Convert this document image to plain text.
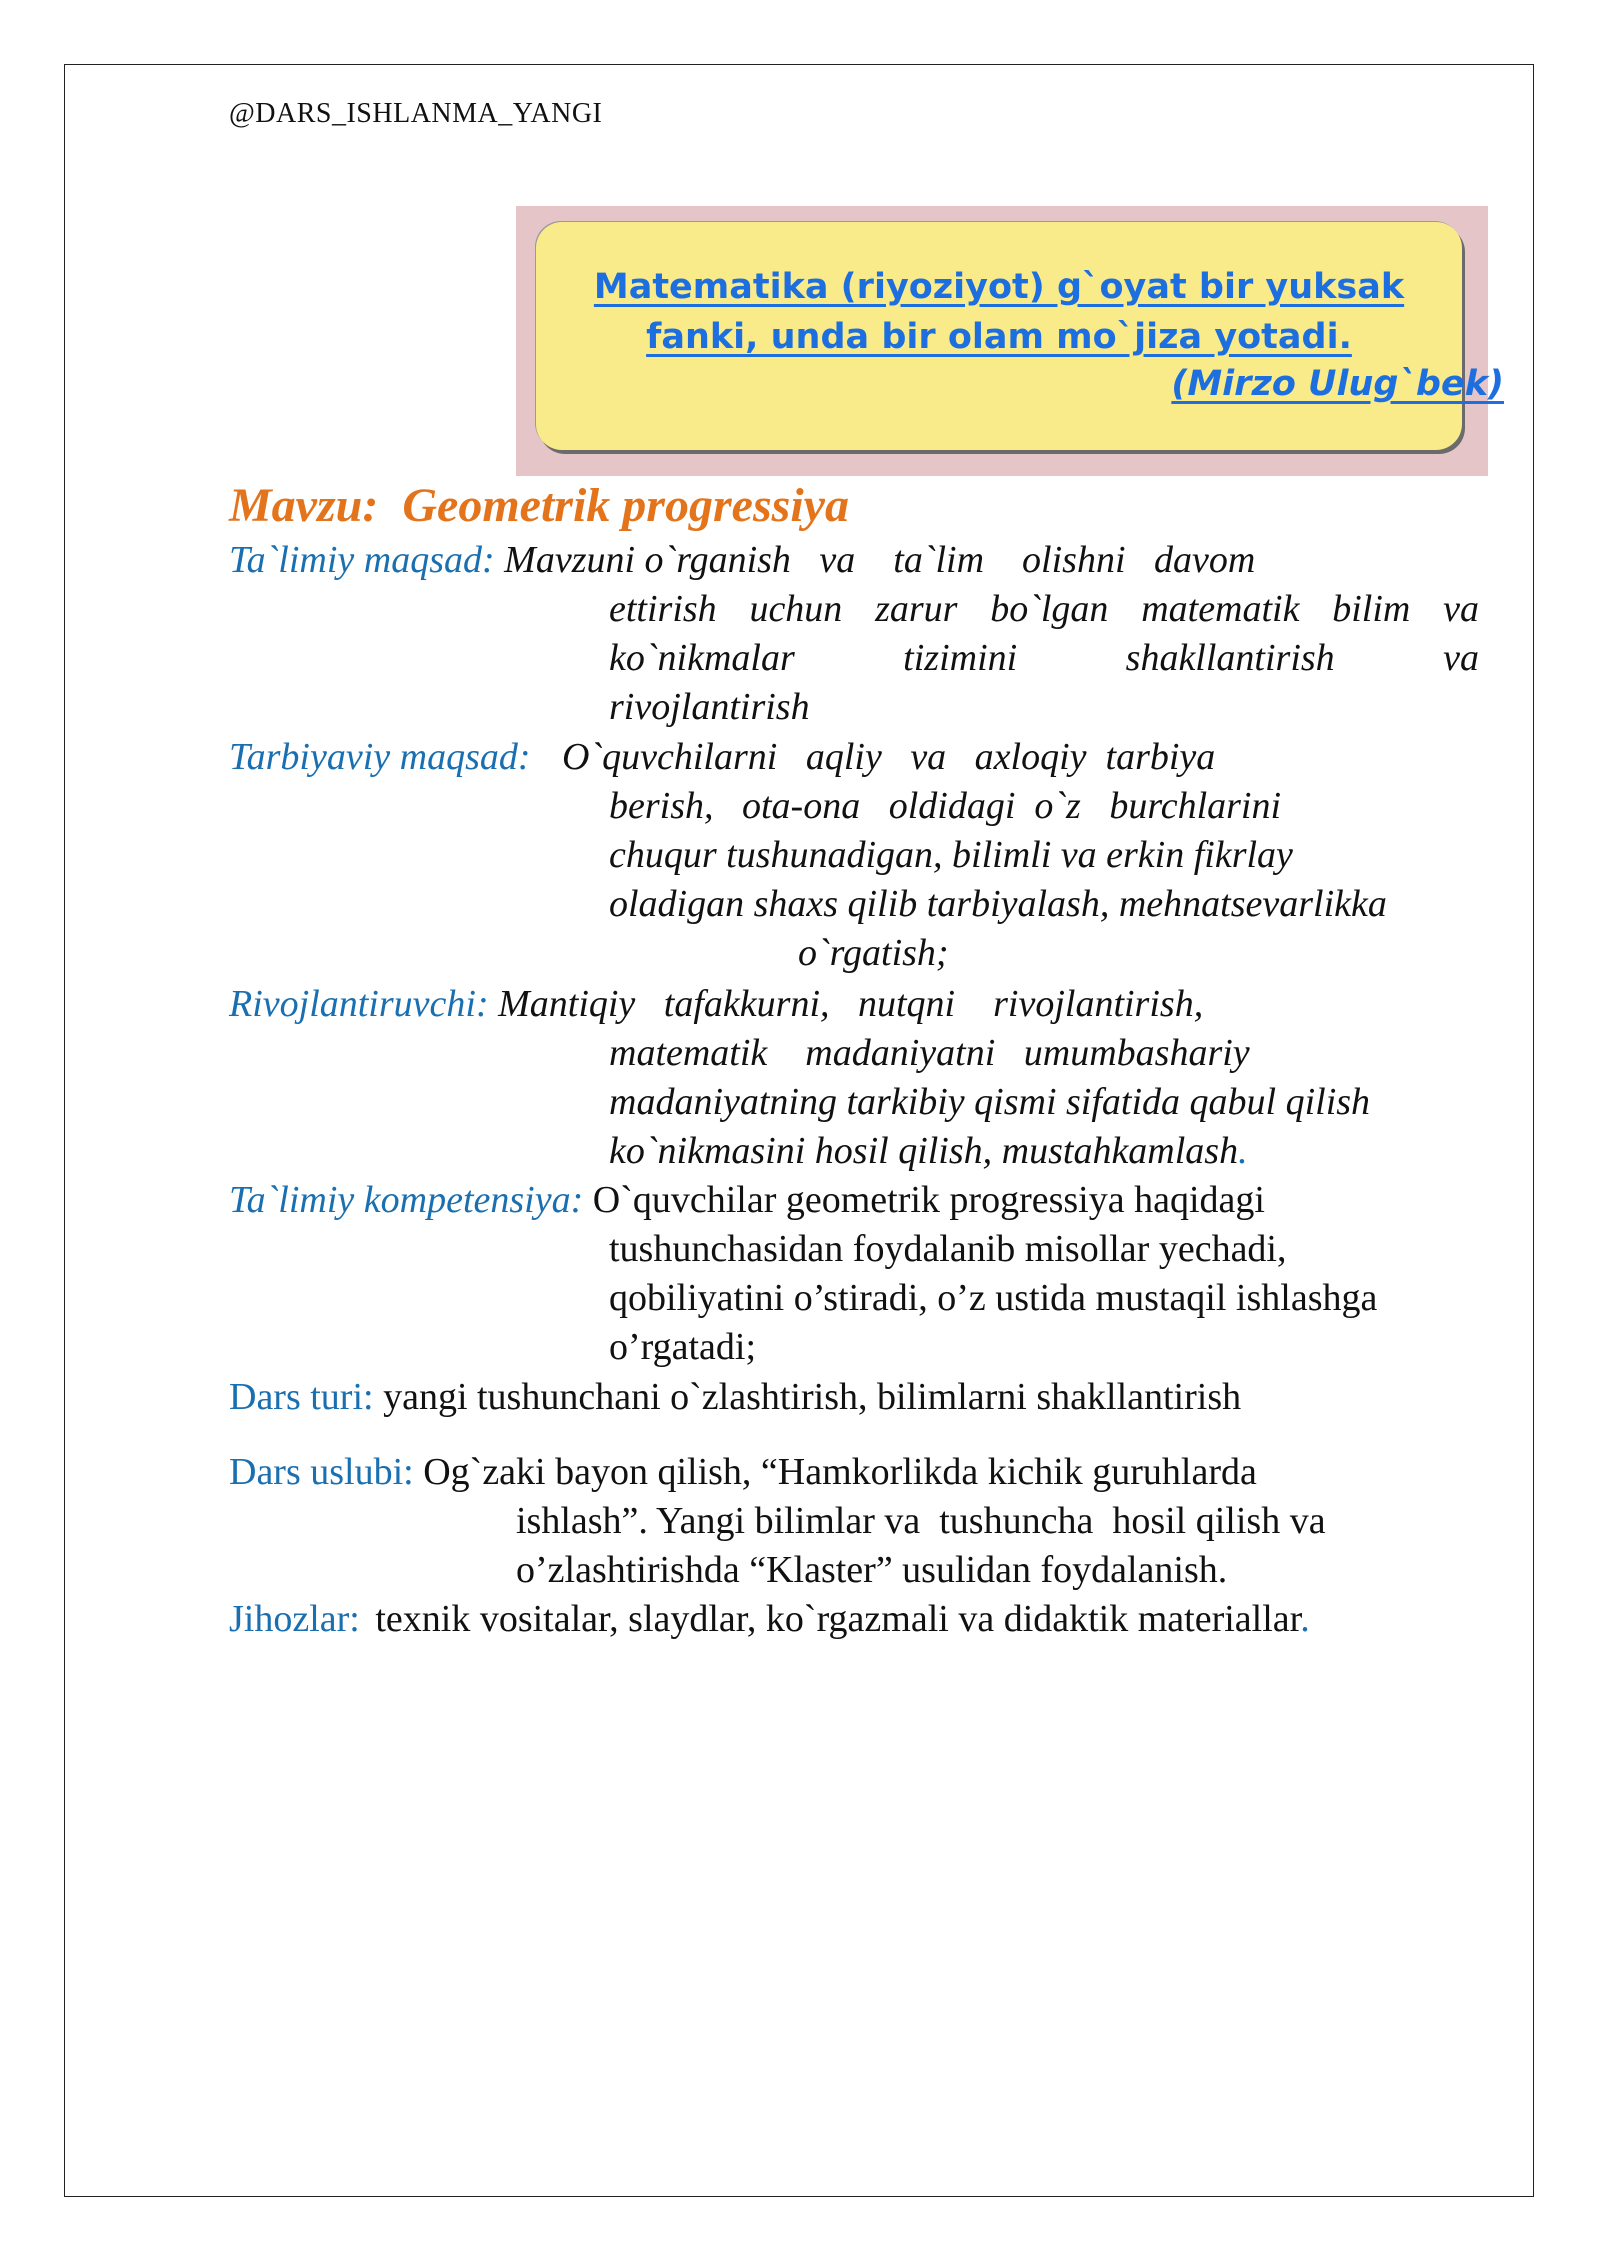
@DARS_ISHLANMA_YANGI
Matematika (riyoziyot) g`oyat bir yuksak
fanki, unda bir olam mo`jiza yotadi.
(Mirzo Ulug`bek)
Mavzu:  Geometrik progressiya
Ta`limiy maqsad: Mavzuni o`rganish   va    ta`lim    olishni   davom
ettirish uchun zarur bo`lgan matematik bilim va
ko`nikmalar tizimini shakllantirish va
rivojlantirish
Tarbiyaviy maqsad: O`quvchilarni   aqliy   va   axloqiy  tarbiya
berish,   ota-ona   oldidagi  o`z   burchlarini
chuqur tushunadigan, bilimli va erkin fikrlay
oladigan shaxs qilib tarbiyalash, mehnatsevarlikka
o`rgatish;
Rivojlantiruvchi: Mantiqiy   tafakkurni,   nutqni    rivojlantirish,
matematik    madaniyatni   umumbashariy
madaniyatning tarkibiy qismi sifatida qabul qilish
ko`nikmasini hosil qilish, mustahkamlash.
Ta`limiy kompetensiya: O`quvchilar geometrik progressiya haqidagi
tushunchasidan foydalanib misollar yechadi,
qobiliyatini o’stiradi, o’z ustida mustaqil ishlashga
o’rgatadi;
Dars turi: yangi tushunchani o`zlashtirish, bilimlarni shakllantirish
Dars uslubi: Og`zaki bayon qilish, “Hamkorlikda kichik guruhlarda
ishlash”. Yangi bilimlar va  tushuncha  hosil qilish va
o’zlashtirishda “Klaster” usulidan foydalanish.
Jihozlar: texnik vositalar, slaydlar, ko`rgazmali va didaktik materiallar.
